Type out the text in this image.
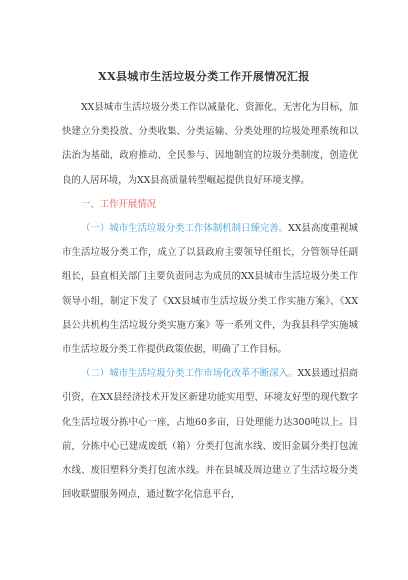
XX县城市生活垃圾分类工作开展情况汇报

XX县城市生活垃圾分类工作以减量化、资源化、无害化为目标，加快建立分类投放、分类收集、分类运输、分类处理的垃圾处理系统和以法治为基础，政府推动、全民参与、因地制宜的垃圾分类制度，创造优良的人居环境，为XX县高质量转型崛起提供良好环境支撑。

一、工作开展情况

（一）城市生活垃圾分类工作体制机制日臻完善。XX县高度重视城市生活垃圾分类工作，成立了以县政府主要领导任组长，分管领导任副组长，县直相关部门主要负责同志为成员的XX县城市生活垃圾分类工作领导小组，制定下发了《XX县城市生活垃圾分类工作实施方案》、《XX县公共机构生活垃圾分类实施方案》等一系列文件，为我县科学实施城市生活垃圾分类工作提供政策依据，明确了工作目标。

（二）城市生活垃圾分类工作市场化改革不断深入。XX县通过招商引资，在XX县经济技术开发区新建功能实用型、环境友好型的现代数字化生活垃圾分拣中心一座，占地60多亩，日处理能力达300吨以上。目前，分拣中心已建成废纸（箱）分类打包流水线、废旧金属分类打包流水线、废旧塑料分类打包流水线。并在县城及周边建立了生活垃圾分类回收联盟服务网点，通过数字化信息平台，
